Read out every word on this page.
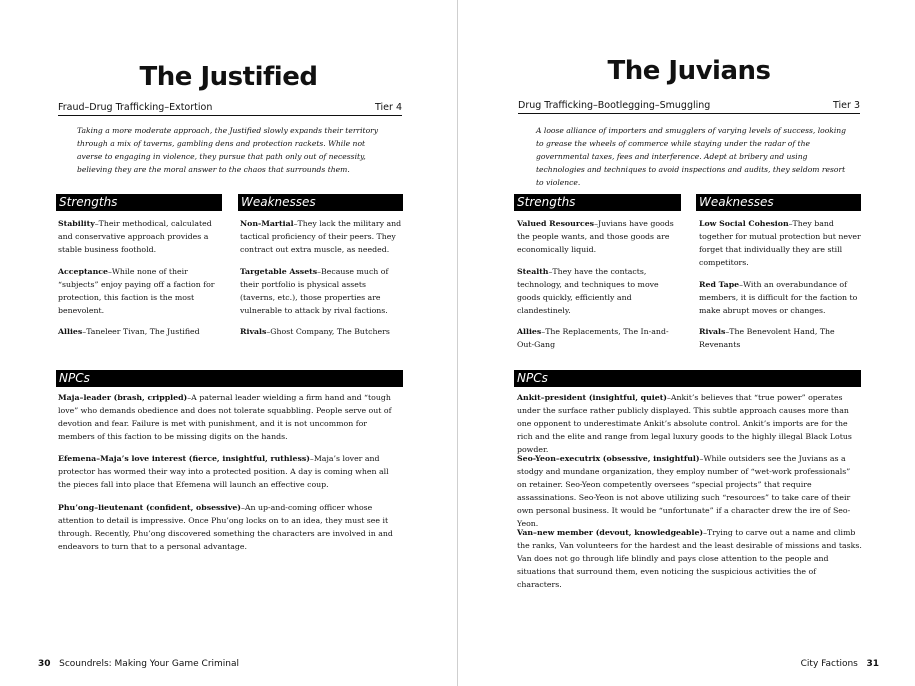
The Justified
Fraud–Drug Trafficking–Extortion	Tier 4

Taking a more moderate approach, the Justified slowly expands their territory through a mix of taverns, gambling dens and protection rackets. While not averse to engaging in violence, they pursue that path only out of necessity, believing they are the moral answer to the chaos that surrounds them.

Strengths	Weaknesses

Stability–Their methodical, calculated and conservative approach provides a stable business foothold.

Acceptance–While none of their “subjects” enjoy paying off a faction for protection, this faction is the most benevolent.

Allies–Taneleer Tivan, The Justified

Non-Martial–They lack the military and tactical proficiency of their peers. They contract out extra muscle, as needed.

Targetable Assets–Because much of their portfolio is physical assets (taverns, etc.), those properties are vulnerable to attack by rival factions.

Rivals–Ghost Company, The Butchers

NPCs

Maja–leader (brash, crippled)–A paternal leader wielding a firm hand and “tough love” who demands obedience and does not tolerate squabbling. People serve out of devotion and fear. Failure is met with punishment, and it is not uncommon for members of this faction to be missing digits on the hands.

Efemena–Maja’s love interest (fierce, insightful, ruthless)–Maja’s lover and protector has wormed their way into a protected position. A day is coming when all the pieces fall into place that Efemena will launch an effective coup.

Phu’ong–lieutenant (confident, obsessive)–An up-and-coming officer whose attention to detail is impressive. Once Phu’ong locks on to an idea, they must see it through. Recently, Phu’ong discovered something the characters are involved in and endeavors to turn that to a personal advantage.

30 Scoundrels: Making Your Game Criminal
The Juvians
Drug Trafficking–Bootlegging–Smuggling	Tier 3

A loose alliance of importers and smugglers of varying levels of success, looking to grease the wheels of commerce while staying under the radar of the governmental taxes, fees and interference. Adept at bribery and using technologies and techniques to avoid inspections and audits, they seldom resort to violence.

Strengths	Weaknesses

Valued Resources–Juvians have goods the people wants, and those goods are economically liquid.

Stealth–They have the contacts, technology, and techniques to move goods quickly, efficiently and clandestinely.

Allies–The Replacements, The In-and-Out-Gang

Low Social Cohesion–They band together for mutual protection but never forget that individually they are still competitors.

Red Tape–With an overabundance of members, it is difficult for the faction to make abrupt moves or changes.

Rivals–The Benevolent Hand, The Revenants

NPCs

Ankit–president (insightful, quiet)–Ankit’s believes that “true power” operates under the surface rather publicly displayed. This subtle approach causes more than one opponent to underestimate Ankit’s absolute control. Ankit’s imports are for the rich and the elite and range from legal luxury goods to the highly illegal Black Lotus powder.

Seo-Yeon–executrix (obsessive, insightful)–While outsiders see the Juvians as a stodgy and mundane organization, they employ number of “wet-work professionals” on retainer. Seo-Yeon competently oversees “special projects” that require assassinations. Seo-Yeon is not above utilizing such “resources” to take care of their own personal business. It would be “unfortunate” if a character drew the ire of Seo-Yeon.

Van–new member (devout, knowledgeable)–Trying to carve out a name and climb the ranks, Van volunteers for the hardest and the least desirable of missions and tasks. Van does not go through life blindly and pays close attention to the people and situations that surround them, even noticing the suspicious activities the of characters.

City Factions 31
